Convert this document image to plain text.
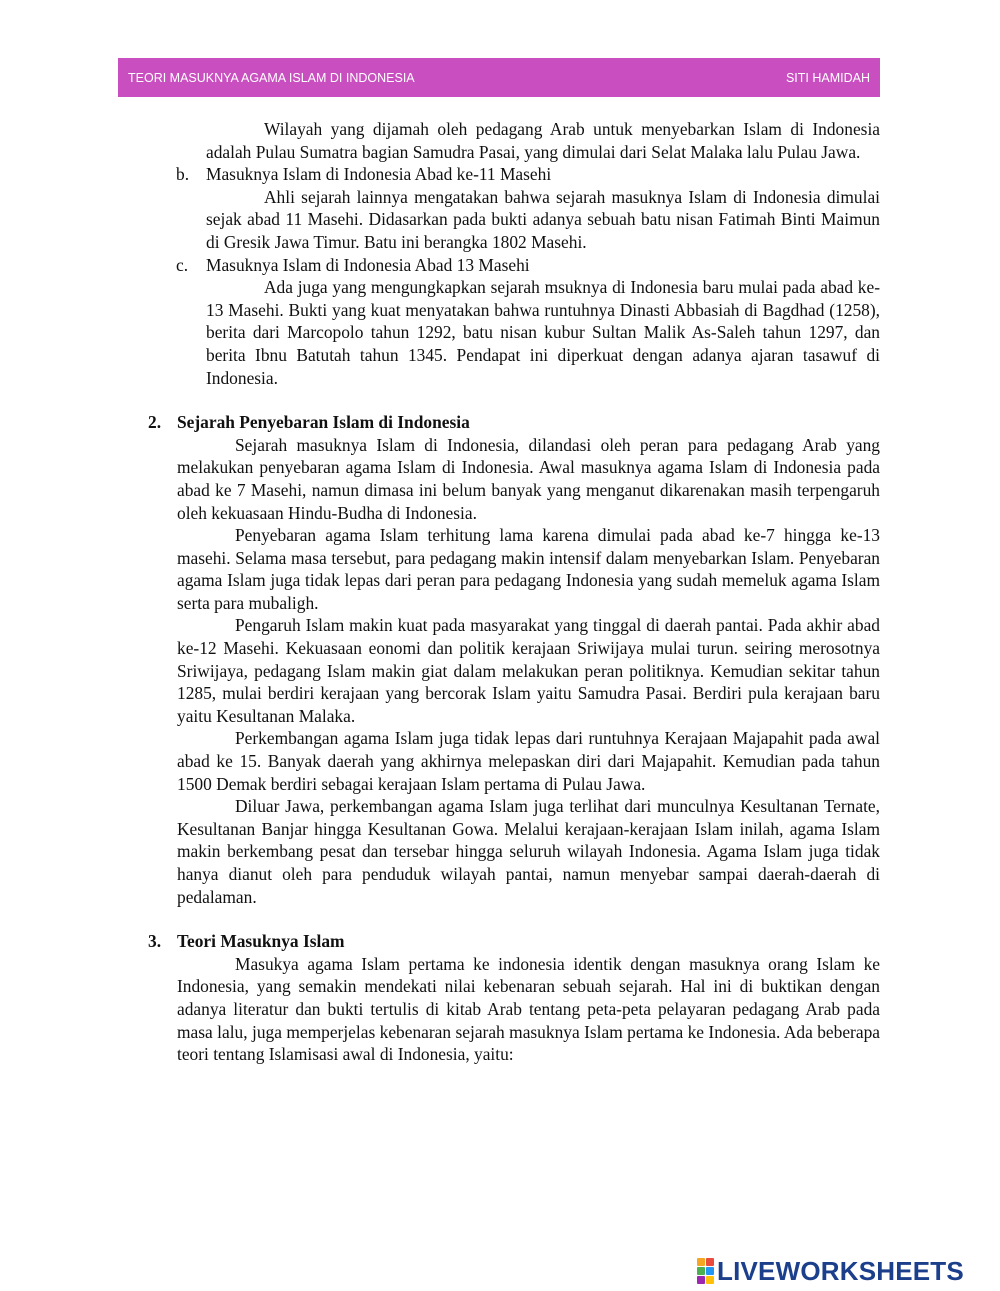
TEORI MASUKNYA AGAMA ISLAM DI INDONESIA	SITI HAMIDAH

Wilayah yang dijamah oleh pedagang Arab untuk menyebarkan Islam di Indonesia adalah Pulau Sumatra bagian Samudra Pasai, yang dimulai dari Selat Malaka lalu Pulau Jawa.

b. Masuknya Islam di Indonesia Abad ke-11 Masehi

Ahli sejarah lainnya mengatakan bahwa sejarah masuknya Islam di Indonesia dimulai sejak abad 11 Masehi. Didasarkan pada bukti adanya sebuah batu nisan Fatimah Binti Maimun di Gresik Jawa Timur. Batu ini berangka 1802 Masehi.

c.	Masuknya Islam di Indonesia Abad 13 Masehi

Ada juga yang mengungkapkan sejarah msuknya di Indonesia baru mulai pada abad ke-13 Masehi. Bukti yang kuat menyatakan bahwa runtuhnya Dinasti Abbasiah di Bagdhad (1258), berita dari Marcopolo tahun 1292, batu nisan kubur Sultan Malik As-Saleh tahun 1297, dan berita Ibnu Batutah tahun 1345. Pendapat ini diperkuat dengan adanya ajaran tasawuf di Indonesia.

2. Sejarah Penyebaran Islam di Indonesia

Sejarah masuknya Islam di Indonesia, dilandasi oleh peran para pedagang Arab yang melakukan penyebaran agama Islam di Indonesia. Awal masuknya agama Islam di Indonesia pada abad ke 7 Masehi, namun dimasa ini belum banyak yang menganut dikarenakan masih terpengaruh oleh kekuasaan Hindu-Budha di Indonesia.

Penyebaran agama Islam terhitung lama karena dimulai pada abad ke-7 hingga ke-13 masehi. Selama masa tersebut, para pedagang makin intensif dalam menyebarkan Islam. Penyebaran agama Islam juga tidak lepas dari peran para pedagang Indonesia yang sudah memeluk agama Islam serta para mubaligh.

Pengaruh Islam makin kuat pada masyarakat yang tinggal di daerah pantai. Pada akhir abad ke-12 Masehi. Kekuasaan eonomi dan politik kerajaan Sriwijaya mulai turun. seiring merosotnya Sriwijaya, pedagang Islam makin giat dalam melakukan peran politiknya. Kemudian sekitar tahun 1285, mulai berdiri kerajaan yang bercorak Islam yaitu Samudra Pasai. Berdiri pula kerajaan baru yaitu Kesultanan Malaka.

Perkembangan agama Islam juga tidak lepas dari runtuhnya Kerajaan Majapahit pada awal abad ke 15. Banyak daerah yang akhirnya melepaskan diri dari Majapahit. Kemudian pada tahun 1500 Demak berdiri sebagai kerajaan Islam pertama di Pulau Jawa.

Diluar Jawa, perkembangan agama Islam juga terlihat dari munculnya Kesultanan Ternate, Kesultanan Banjar hingga Kesultanan Gowa. Melalui kerajaan-kerajaan Islam inilah, agama Islam makin berkembang pesat dan tersebar hingga seluruh wilayah Indonesia. Agama Islam juga tidak hanya dianut oleh para penduduk wilayah pantai, namun menyebar sampai daerah-daerah di pedalaman.

3. Teori Masuknya Islam

Masukya agama Islam pertama ke indonesia identik dengan masuknya orang Islam ke Indonesia, yang semakin mendekati nilai kebenaran sebuah sejarah. Hal ini di buktikan dengan adanya literatur dan bukti tertulis di kitab Arab tentang peta-peta pelayaran pedagang Arab pada masa lalu, juga memperjelas kebenaran sejarah masuknya Islam pertama ke Indonesia. Ada beberapa teori tentang Islamisasi awal di Indonesia, yaitu:

LIVEWORKSHEETS
